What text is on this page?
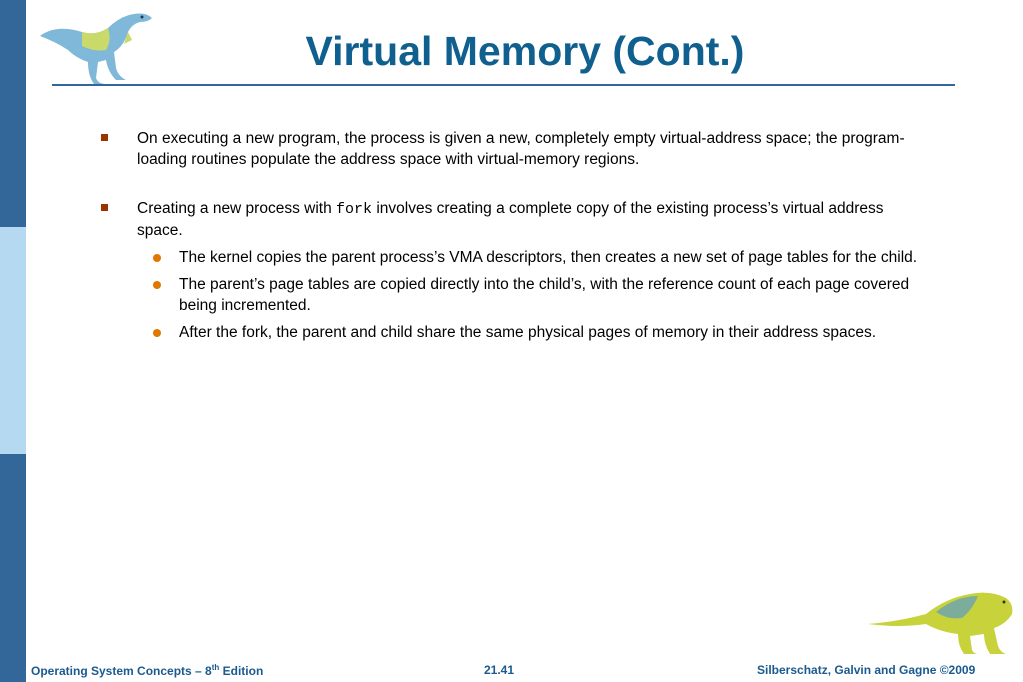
Virtual Memory (Cont.)
On executing a new program, the process is given a new, completely empty virtual-address space; the program-loading routines populate the address space with virtual-memory regions.
Creating a new process with fork involves creating a complete copy of the existing process’s virtual address space.
The kernel copies the parent process’s VMA descriptors, then creates a new set of page tables for the child.
The parent’s page tables are copied directly into the child’s, with the reference count of each page covered being incremented.
After the fork, the parent and child share the same physical pages of memory in their address spaces.
Operating System Concepts – 8th Edition	21.41	Silberschatz, Galvin and Gagne ©2009
